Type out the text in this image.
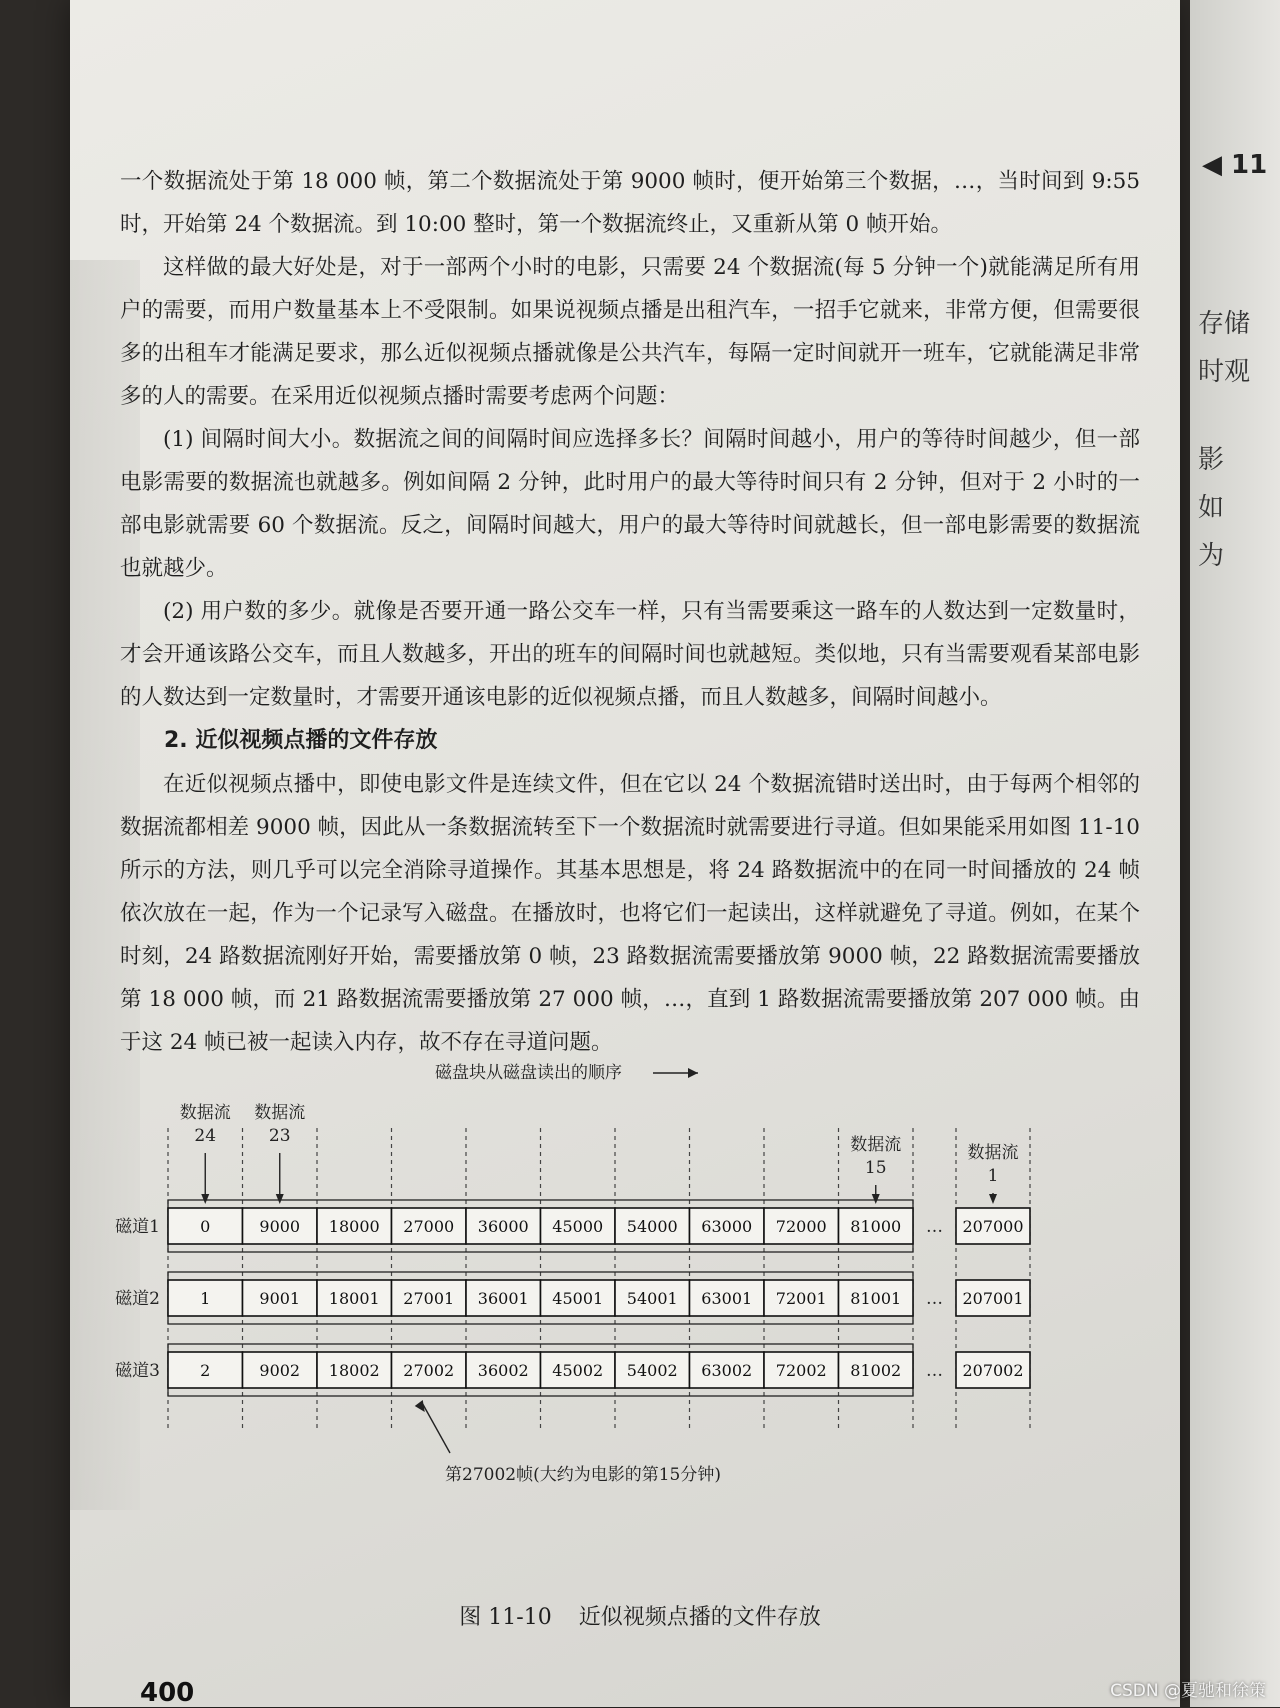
◀ 11
存储
时观
影
如
为

一个数据流处于第 18 000 帧，第二个数据流处于第 9000 帧时，便开始第三个数据，…，当时间到 9:55 时，开始第 24 个数据流。到 10:00 整时，第一个数据流终止，又重新从第 0 帧开始。

这样做的最大好处是，对于一部两个小时的电影，只需要 24 个数据流(每 5 分钟一个)就能满足所有用户的需要，而用户数量基本上不受限制。如果说视频点播是出租汽车，一招手它就来，非常方便，但需要很多的出租车才能满足要求，那么近似视频点播就像是公共汽车，每隔一定时间就开一班车，它就能满足非常多的人的需要。在采用近似视频点播时需要考虑两个问题：

(1) 间隔时间大小。数据流之间的间隔时间应选择多长？间隔时间越小，用户的等待时间越少，但一部电影需要的数据流也就越多。例如间隔 2 分钟，此时用户的最大等待时间只有 2 分钟，但对于 2 小时的一部电影就需要 60 个数据流。反之，间隔时间越大，用户的最大等待时间就越长，但一部电影需要的数据流也就越少。

(2) 用户数的多少。就像是否要开通一路公交车一样，只有当需要乘这一路车的人数达到一定数量时，才会开通该路公交车，而且人数越多，开出的班车的间隔时间也就越短。类似地，只有当需要观看某部电影的人数达到一定数量时，才需要开通该电影的近似视频点播，而且人数越多，间隔时间越小。

2. 近似视频点播的文件存放

在近似视频点播中，即使电影文件是连续文件，但在它以 24 个数据流错时送出时，由于每两个相邻的数据流都相差 9000 帧，因此从一条数据流转至下一个数据流时就需要进行寻道。但如果能采用如图 11-10 所示的方法，则几乎可以完全消除寻道操作。其基本思想是，将 24 路数据流中的在同一时间播放的 24 帧依次放在一起，作为一个记录写入磁盘。在播放时，也将它们一起读出，这样就避免了寻道。例如，在某个时刻，24 路数据流刚好开始，需要播放第 0 帧，23 路数据流需要播放第 9000 帧，22 路数据流需要播放第 18 000 帧，而 21 路数据流需要播放第 27 000 帧，…，直到 1 路数据流需要播放第 207 000 帧。由于这 24 帧已被一起读入内存，故不存在寻道问题。

磁盘块从磁盘读出的顺序
数据流
24
数据流
23	数据流
15
数据流
1
磁道1	0	9000 18000 27000 36000 45000 54000 63000 72000 81000 … 207000
磁道2	1	9001 18001 27001 36001 45001 54001 63001 72001 81001 … 207001
磁道3	2	9002 18002 27002 36002 45002 54002 63002 72002 81002 … 207002
第27002帧(大约为电影的第15分钟)
图 11-10 近似视频点播的文件存放
400	CSDN @夏驰和徐策
